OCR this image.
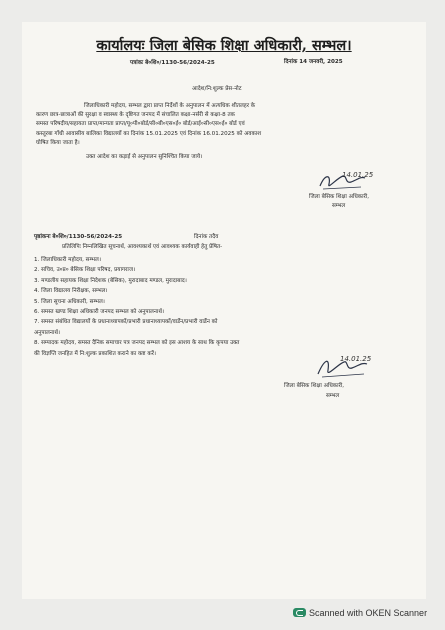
कार्यालयः जिला बेसिक शिक्षा अधिकारी, सम्भल।
पत्रांकः बे०शि०/1130-56/2024-25	दिनांक 14 जनवरी, 2025
आदेश/नि:शुल्क प्रेस-नोट
जिलाधिकारी महोदय, सम्भल द्वारा प्राप्त निर्देशों के अनुपालन में अत्यधिक शीतलहर के
कारण छात्र-छात्राओं की सुरक्षा व स्वास्थ्य के दृष्टिगत जनपद में संचालित कक्षा-नर्सरी से कक्षा-8 तक
समस्त परिषदीय/सहायता प्राप्त/मान्यता प्राप्त/यू०पी०बोर्ड/सी०बी०एस०ई० बोर्ड/आई०सी०एस०ई० बोर्ड एवं
कस्तूरबा गाँधी आवासीय बालिका विद्यालयों का दिनांक 15.01.2025 एवं दिनांक 16.01.2025 को अवकाश
घोषित किया जाता है।
उक्त आदेश का कड़ाई से अनुपालन सुनिश्चित किया जाये।
14.01.25
जिला बेसिक शिक्षा अधिकारी,
सम्भल
पृष्ठांकनः बे०शि०/1130-56/2024-25	दिनांक तदैव
प्रतिलिपिः निम्नलिखित सूचनार्थ, आवश्यकार्थ एवं आवश्यक कार्यवाही हेतु प्रेषित-
1. जिलाधिकारी महोदय, सम्भल।
2. सचिव, उ०प्र० बेसिक शिक्षा परिषद, प्रयागराज।
3. मण्डलीय सहायक शिक्षा निदेशक (बेसिक), मुरादाबाद मण्डल, मुरादाबाद।
4. जिला विद्यालय निरीक्षक, सम्भल।
5. जिला सूचना अधिकारी, सम्भल।
6. समस्त खण्ड शिक्षा अधिकारी जनपद सम्भल को अनुपालनार्थ।
7. समस्त संबंधित विद्यालयों के प्रधानाध्यापकों/प्रभारी प्रधानाध्यापकों/वार्डेन/प्रभारी वार्डेन को
अनुपालनार्थ।
8. सम्पादक महोदय, समस्त दैनिक समाचार पत्र जनपद सम्भल को इस आशय के साथ कि कृपया उक्त
की विज्ञप्ति जनहित में नि:शुल्क प्रकाशित कराने का कष्ट करें।
14.01.25
जिला बेसिक शिक्षा अधिकारी,
सम्भल
Scanned with OKEN Scanner
